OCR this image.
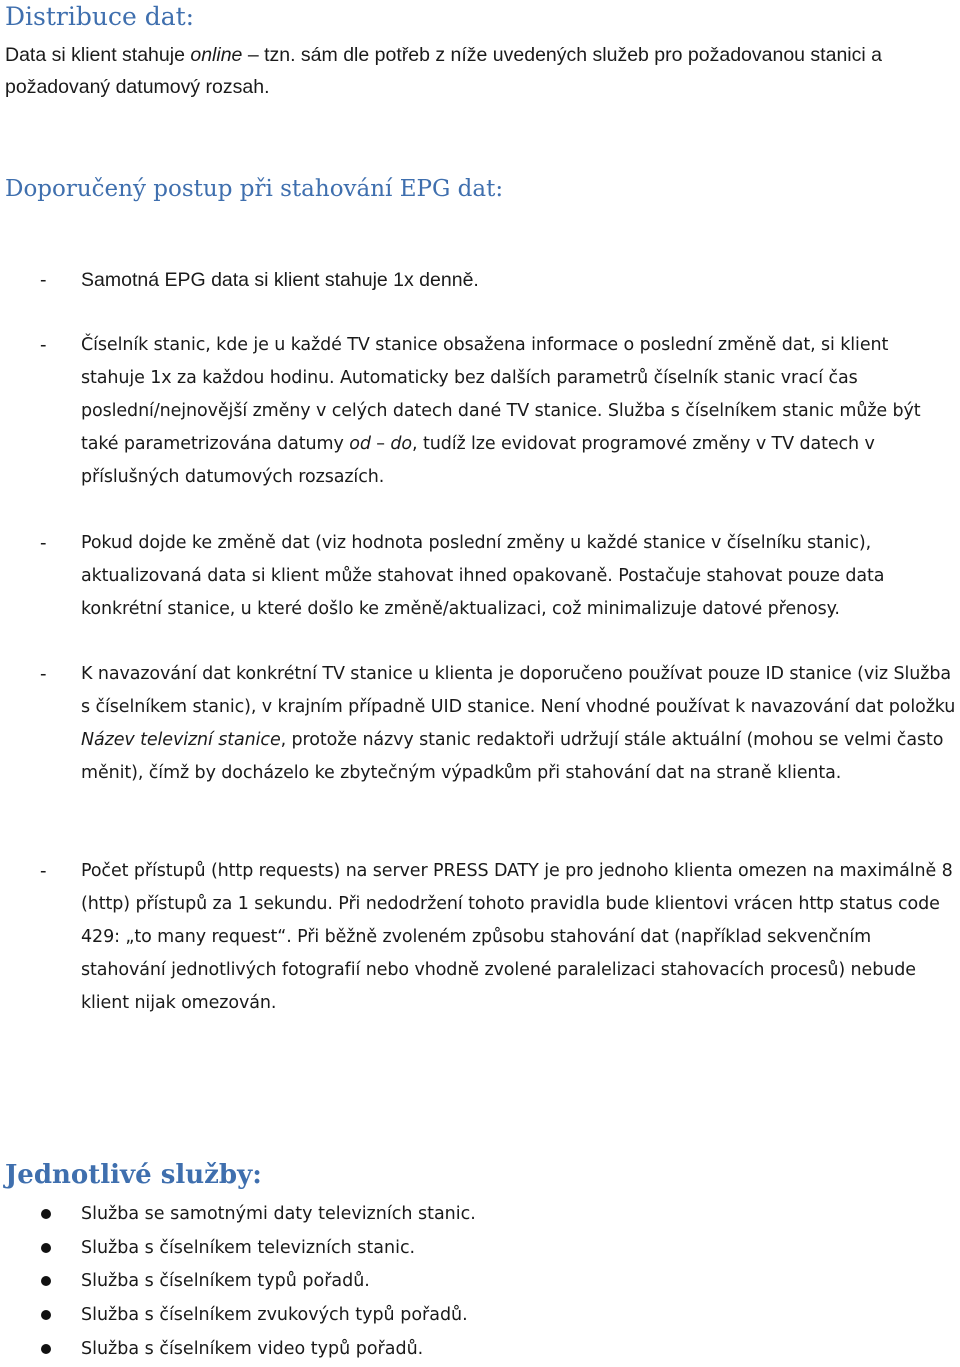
Distribuce dat:

Data si klient stahuje online – tzn. sám dle potřeb z níže uvedených služeb pro požadovanou stanici a požadovaný datumový rozsah.

Doporučený postup při stahování EPG dat:
- Samotná EPG data si klient stahuje 1x denně.

- Číselník stanic, kde je u každé TV stanice obsažena informace o poslední změně dat, si klient stahuje 1x za každou hodinu. Automaticky bez dalších parametrů číselník stanic vrací čas poslední/nejnovější změny v celých datech dané TV stanice. Služba s číselníkem stanic může být také parametrizována datumy od – do, tudíž lze evidovat programové změny v TV datech v příslušných datumových rozsazích.

- Pokud dojde ke změně dat (viz hodnota poslední změny u každé stanice v číselníku stanic), aktualizovaná data si klient může stahovat ihned opakovaně. Postačuje stahovat pouze data konkrétní stanice, u které došlo ke změně/aktualizaci, což minimalizuje datové přenosy.

- K navazování dat konkrétní TV stanice u klienta je doporučeno používat pouze ID stanice (viz Služba s číselníkem stanic), v krajním případně UID stanice. Není vhodné používat k navazování dat položku Název televizní stanice, protože názvy stanic redaktoři udržují stále aktuální (mohou se velmi často měnit), čímž by docházelo ke zbytečným výpadkům při stahování dat na straně klienta.

- Počet přístupů (http requests) na server PRESS DATY je pro jednoho klienta omezen na maximálně 8 (http) přístupů za 1 sekundu. Při nedodržení tohoto pravidla bude klientovi vrácen http status code 429: „to many request“. Při běžně zvoleném způsobu stahování dat (například sekvenčním stahování jednotlivých fotografií nebo vhodně zvolené paralelizaci stahovacích procesů) nebude klient nijak omezován.

Jednotlivé služby:
Služba se samotnými daty televizních stanic.
Služba s číselníkem televizních stanic.
Služba s číselníkem typů pořadů.
Služba s číselníkem zvukových typů pořadů.
Služba s číselníkem video typů pořadů.
